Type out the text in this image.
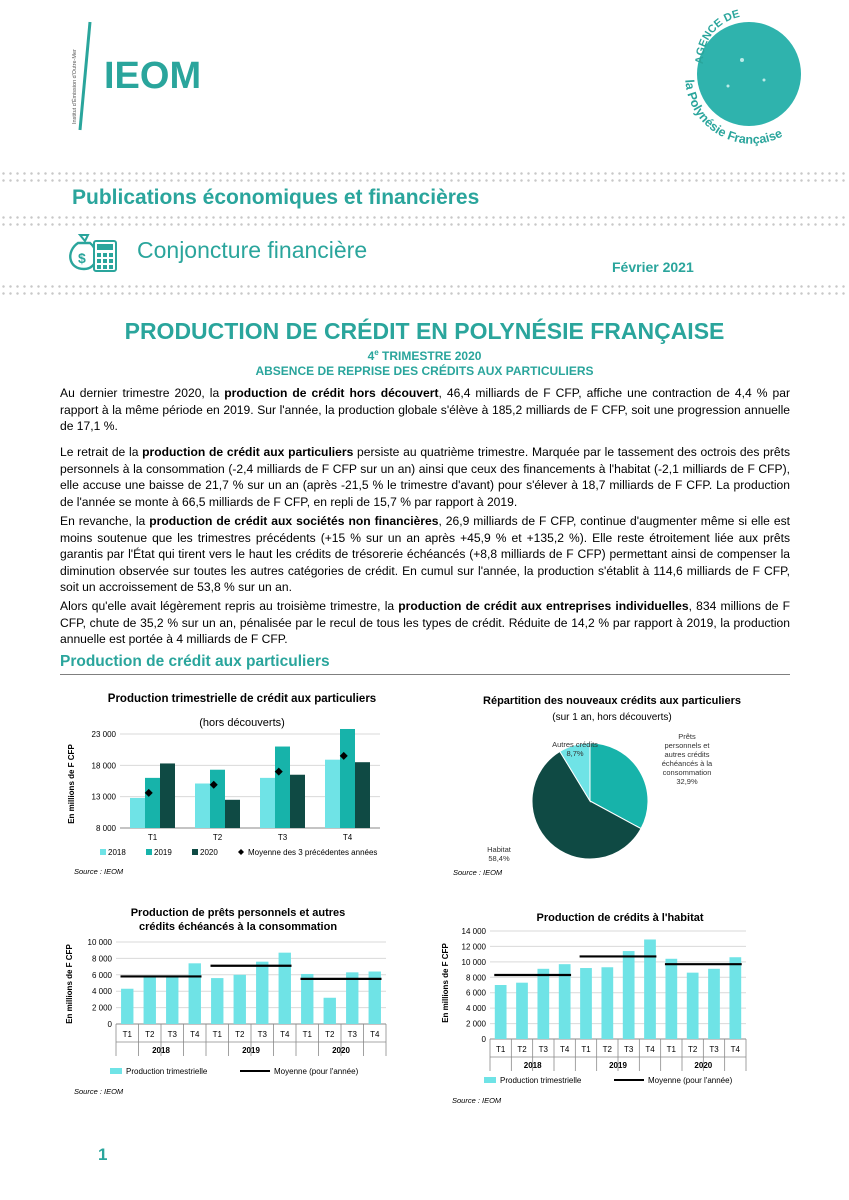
IEOM
Institut d'Émission d'Outre-Mer	AGENCE DE
la Polynésie Française
Publications économiques et financières
$ Conjoncture financière
Février 2021
PRODUCTION DE CRÉDIT EN POLYNÉSIE FRANÇAISE
4e TRIMESTRE 2020
ABSENCE DE REPRISE DES CRÉDITS AUX PARTICULIERS

Au dernier trimestre 2020, la production de crédit hors découvert, 46,4 milliards de F CFP, affiche une contraction de 4,4 % par rapport à la même période en 2019. Sur l'année, la production globale s'élève à 185,2 milliards de F CFP, soit une progression annuelle de 17,1 %.

Le retrait de la production de crédit aux particuliers persiste au quatrième trimestre. Marquée par le tassement des octrois des prêts personnels à la consommation (-2,4 milliards de F CFP sur un an) ainsi que ceux des financements à l'habitat (-2,1 milliards de F CFP), elle accuse une baisse de 21,7 % sur un an (après -21,5 % le trimestre d'avant) pour s'élever à 18,7 milliards de F CFP. La production de l'année se monte à 66,5 milliards de F CFP, en repli de 15,7 % par rapport à 2019.

En revanche, la production de crédit aux sociétés non financières, 26,9 milliards de F CFP, continue d'augmenter même si elle est moins soutenue que les trimestres précédents (+15 % sur un an après +45,9 % et +135,2 %). Elle reste étroitement liée aux prêts garantis par l'État qui tirent vers le haut les crédits de trésorerie échéancés (+8,8 milliards de F CFP) permettant ainsi de compenser la diminution observée sur toutes les autres catégories de crédit. En cumul sur l'année, la production s'établit à 114,6 milliards de F CFP, soit un accroissement de 53,8 % sur un an.

Alors qu'elle avait légèrement repris au troisième trimestre, la production de crédit aux entreprises individuelles, 834 millions de F CFP, chute de 35,2 % sur un an, pénalisée par le recul de tous les types de crédit. Réduite de 14,2 % par rapport à 2019, la production annuelle est portée à 4 milliards de F CFP.

Production de crédit aux particuliers
Production trimestrielle de crédit aux particuliers
(hors découverts)
En millions de F CFP
8 000
13 000
18 000
23 000
T1	T2	T3	T4
2018	2019	2020	Moyenne des 3 précédentes années
Source : IEOM
Répartition des nouveaux crédits aux particuliers
(sur 1 an, hors découverts)
Prêts
personnels et
autres crédits
échéancés à la
consommation
32,9%
Habitat
58,4%
Autres crédits
8,7%
Source : IEOM
Production de prêts personnels et autres
crédits échéancés à la consommation
En millions de F CFP
0
2 000
4 000
6 000
8 000
10 000
T1 T2 T3 T4 T1 T2 T3 T4 T1 T2 T3 T4
2018	2019	2020
Production trimestrielle	Moyenne (pour l'année)
Source : IEOM
Production de crédits à l'habitat
En millions de F CFP
0
2 000
4 000
6 000
8 000
10 000
12 000
14 000
T1 T2 T3 T4 T1 T2 T3 T4 T1 T2 T3 T4
2018	2019	2020
Production trimestrielle	Moyenne (pour l'année)
Source : IEOM
1
